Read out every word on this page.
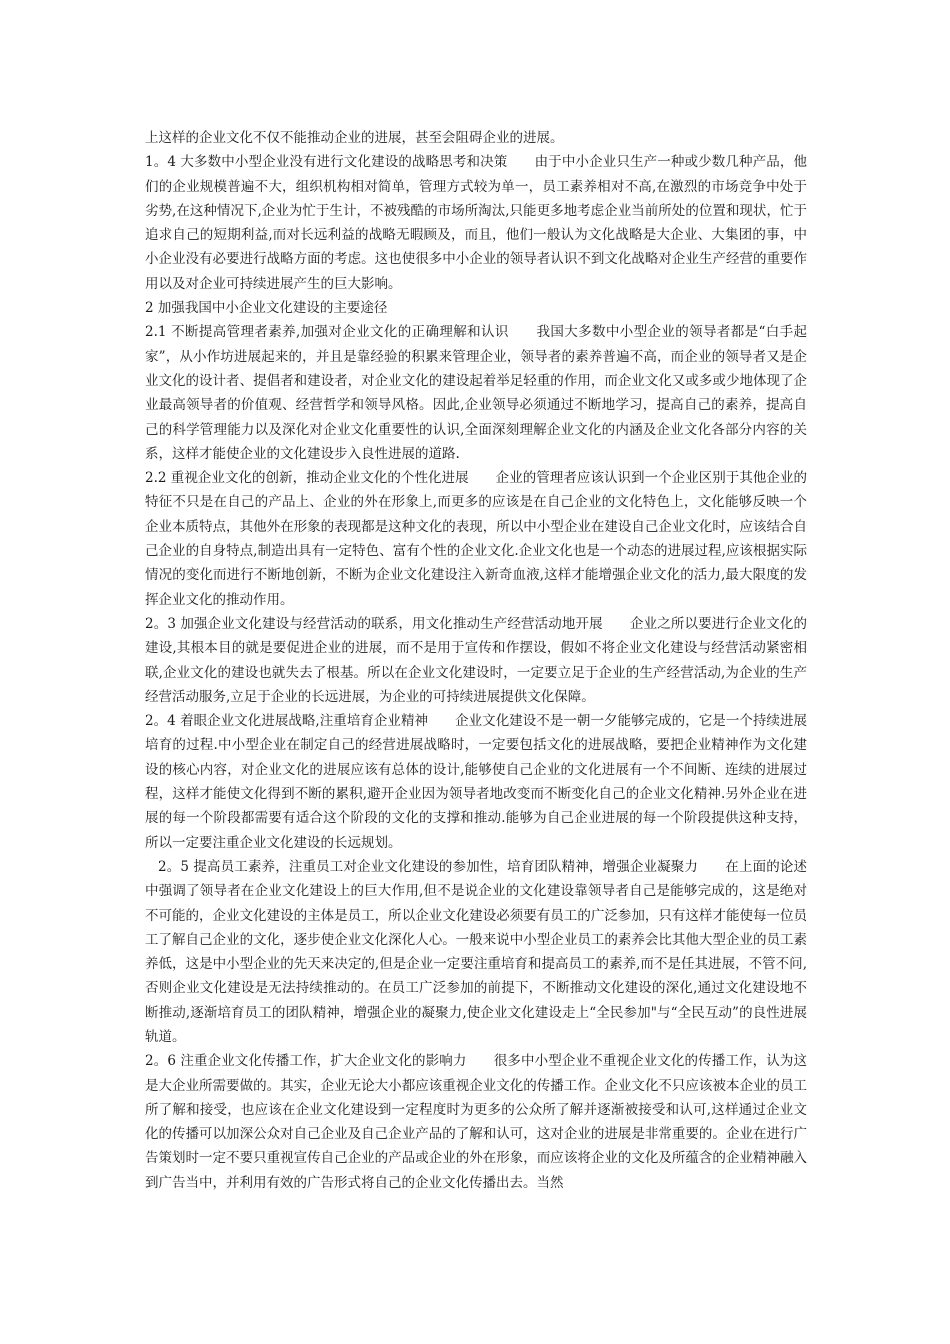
上这样的企业文化不仅不能推动企业的进展，甚至会阻碍企业的进展。

1。4 大多数中小型企业没有进行文化建设的战略思考和决策　　由于中小企业只生产一种或少数几种产品，他们的企业规模普遍不大，组织机构相对简单，管理方式较为单一，员工素养相对不高,在激烈的市场竞争中处于劣势,在这种情况下,企业为忙于生计，不被残酷的市场所淘汰,只能更多地考虑企业当前所处的位置和现状，忙于追求自己的短期利益,而对长远利益的战略无暇顾及，而且，他们一般认为文化战略是大企业、大集团的事，中小企业没有必要进行战略方面的考虑。这也使很多中小企业的领导者认识不到文化战略对企业生产经营的重要作用以及对企业可持续进展产生的巨大影响。

2 加强我国中小企业文化建设的主要途径

2.1 不断提高管理者素养,加强对企业文化的正确理解和认识　　我国大多数中小型企业的领导者都是“白手起家”，从小作坊进展起来的，并且是靠经验的积累来管理企业，领导者的素养普遍不高，而企业的领导者又是企业文化的设计者、提倡者和建设者，对企业文化的建设起着举足轻重的作用，而企业文化又或多或少地体现了企业最高领导者的价值观、经营哲学和领导风格。因此,企业领导必须通过不断地学习，提高自己的素养，提高自己的科学管理能力以及深化对企业文化重要性的认识,全面深刻理解企业文化的内涵及企业文化各部分内容的关系，这样才能使企业的文化建设步入良性进展的道路.

2.2 重视企业文化的创新，推动企业文化的个性化进展　　企业的管理者应该认识到一个企业区别于其他企业的特征不只是在自己的产品上、企业的外在形象上,而更多的应该是在自己企业的文化特色上，文化能够反映一个企业本质特点，其他外在形象的表现都是这种文化的表现，所以中小型企业在建设自己企业文化时，应该结合自己企业的自身特点,制造出具有一定特色、富有个性的企业文化.企业文化也是一个动态的进展过程,应该根据实际情况的变化而进行不断地创新，不断为企业文化建设注入新奇血液,这样才能增强企业文化的活力,最大限度的发挥企业文化的推动作用。

2。3 加强企业文化建设与经营活动的联系，用文化推动生产经营活动地开展　　企业之所以要进行企业文化的建设,其根本目的就是要促进企业的进展，而不是用于宣传和作摆设，假如不将企业文化建设与经营活动紧密相联,企业文化的建设也就失去了根基。所以在企业文化建设时，一定要立足于企业的生产经营活动,为企业的生产经营活动服务,立足于企业的长远进展，为企业的可持续进展提供文化保障。

2。4 着眼企业文化进展战略,注重培育企业精神　　企业文化建设不是一朝一夕能够完成的，它是一个持续进展培育的过程.中小型企业在制定自己的经营进展战略时，一定要包括文化的进展战略，要把企业精神作为文化建设的核心内容，对企业文化的进展应该有总体的设计,能够使自己企业的文化进展有一个不间断、连续的进展过程，这样才能使文化得到不断的累积,避开企业因为领导者地改变而不断变化自己的企业文化精神.另外企业在进展的每一个阶段都需要有适合这个阶段的文化的支撑和推动.能够为自己企业进展的每一个阶段提供这种支持，所以一定要注重企业文化建设的长远规划。

2。5 提高员工素养，注重员工对企业文化建设的参加性，培育团队精神，增强企业凝聚力　　在上面的论述中强调了领导者在企业文化建设上的巨大作用,但不是说企业的文化建设靠领导者自己是能够完成的，这是绝对不可能的，企业文化建设的主体是员工，所以企业文化建设必须要有员工的广泛参加，只有这样才能使每一位员工了解自己企业的文化，逐步使企业文化深化人心。一般来说中小型企业员工的素养会比其他大型企业的员工素养低，这是中小型企业的先天来决定的,但是企业一定要注重培育和提高员工的素养,而不是任其进展，不管不问,否则企业文化建设是无法持续推动的。在员工广泛参加的前提下，不断推动文化建设的深化,通过文化建设地不断推动,逐渐培育员工的团队精神，增强企业的凝聚力,使企业文化建设走上“全民参加"与“全民互动”的良性进展轨道。

2。6 注重企业文化传播工作，扩大企业文化的影响力　　很多中小型企业不重视企业文化的传播工作，认为这是大企业所需要做的。其实，企业无论大小都应该重视企业文化的传播工作。企业文化不只应该被本企业的员工所了解和接受，也应该在企业文化建设到一定程度时为更多的公众所了解并逐渐被接受和认可,这样通过企业文化的传播可以加深公众对自己企业及自己企业产品的了解和认可，这对企业的进展是非常重要的。企业在进行广告策划时一定不要只重视宣传自己企业的产品或企业的外在形象，而应该将企业的文化及所蕴含的企业精神融入到广告当中，并利用有效的广告形式将自己的企业文化传播出去。当然
